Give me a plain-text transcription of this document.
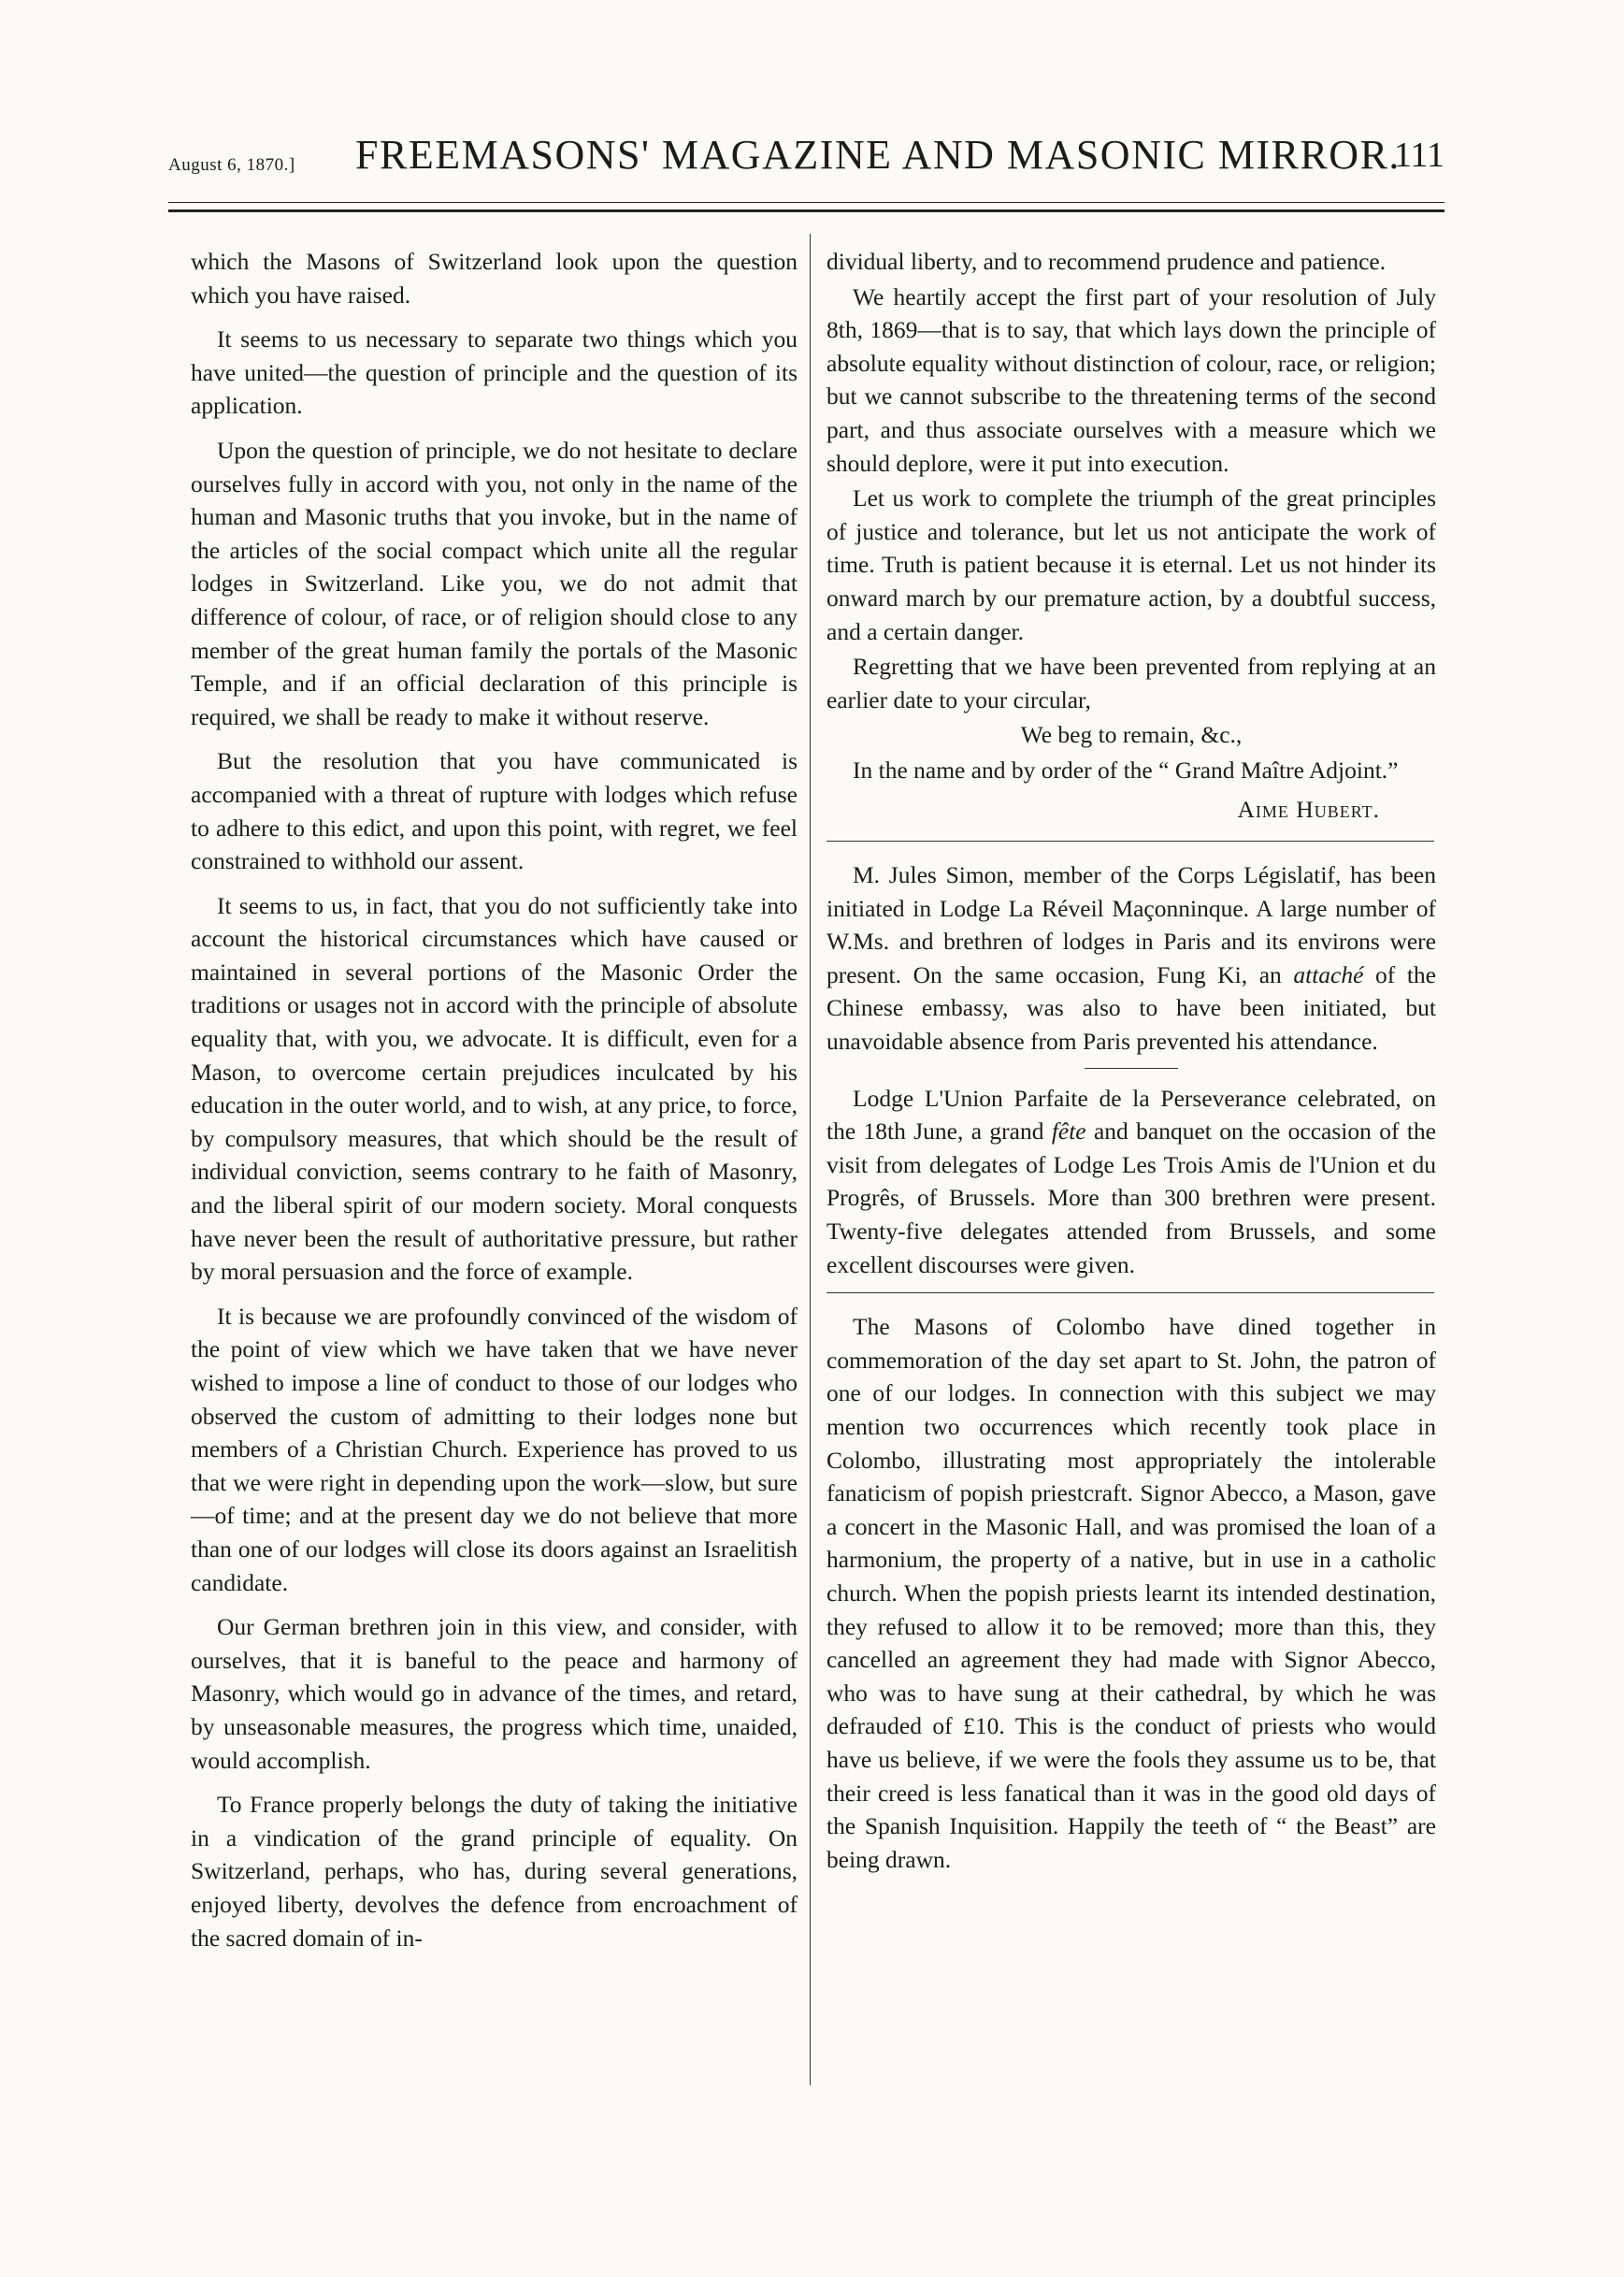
August 6, 1870.] FREEMASONS' MAGAZINE AND MASONIC MIRROR.
111

which the Masons of Switzerland look upon the question which you have raised.

It seems to us necessary to separate two things which you have united—the question of principle and the question of its application.

Upon the question of principle, we do not hesitate to declare ourselves fully in accord with you, not only in the name of the human and Masonic truths that you invoke, but in the name of the articles of the social compact which unite all the regular lodges in Switzerland. Like you, we do not admit that difference of colour, of race, or of religion should close to any member of the great human family the portals of the Masonic Temple, and if an official declaration of this principle is required, we shall be ready to make it without reserve.

But the resolution that you have communicated is accompanied with a threat of rupture with lodges which refuse to adhere to this edict, and upon this point, with regret, we feel constrained to withhold our assent.

It seems to us, in fact, that you do not sufficiently take into account the historical circumstances which have caused or maintained in several portions of the Masonic Order the traditions or usages not in accord with the principle of absolute equality that, with you, we advocate. It is difficult, even for a Mason, to overcome certain prejudices inculcated by his education in the outer world, and to wish, at any price, to force, by compulsory measures, that which should be the result of individual conviction, seems contrary to he faith of Masonry, and the liberal spirit of our modern society. Moral conquests have never been the result of authoritative pressure, but rather by moral persuasion and the force of example.

It is because we are profoundly convinced of the wisdom of the point of view which we have taken that we have never wished to impose a line of conduct to those of our lodges who observed the custom of admitting to their lodges none but members of a Christian Church. Experience has proved to us that we were right in depending upon the work—slow, but sure—of time; and at the present day we do not believe that more than one of our lodges will close its doors against an Israelitish candidate.

Our German brethren join in this view, and consider, with ourselves, that it is baneful to the peace and harmony of Masonry, which would go in advance of the times, and retard, by unseasonable measures, the progress which time, unaided, would accomplish.

To France properly belongs the duty of taking the initiative in a vindication of the grand principle of equality. On Switzerland, perhaps, who has, during several generations, enjoyed liberty, devolves the defence from encroachment of the sacred domain of in-

dividual liberty, and to recommend prudence and patience.

We heartily accept the first part of your resolution of July 8th, 1869—that is to say, that which lays down the principle of absolute equality without distinction of colour, race, or religion; but we cannot subscribe to the threatening terms of the second part, and thus associate ourselves with a measure which we should deplore, were it put into execution.

Let us work to complete the triumph of the great principles of justice and tolerance, but let us not anticipate the work of time. Truth is patient because it is eternal. Let us not hinder its onward march by our premature action, by a doubtful success, and a certain danger.

Regretting that we have been prevented from replying at an earlier date to your circular,

We beg to remain, &c.,

In the name and by order of the “ Grand Maître Adjoint.”

Aime Hubert.

M. Jules Simon, member of the Corps Législatif, has been initiated in Lodge La Réveil Maçonninque. A large number of W.Ms. and brethren of lodges in Paris and its environs were present. On the same occasion, Fung Ki, an attaché of the Chinese embassy, was also to have been initiated, but unavoidable absence from Paris prevented his attendance.

Lodge L'Union Parfaite de la Perseverance celebrated, on the 18th June, a grand fête and banquet on the occasion of the visit from delegates of Lodge Les Trois Amis de l'Union et du Progrês, of Brussels. More than 300 brethren were present. Twenty-five delegates attended from Brussels, and some excellent discourses were given.

The Masons of Colombo have dined together in commemoration of the day set apart to St. John, the patron of one of our lodges. In connection with this subject we may mention two occurrences which recently took place in Colombo, illustrating most appropriately the intolerable fanaticism of popish priestcraft. Signor Abecco, a Mason, gave a concert in the Masonic Hall, and was promised the loan of a harmonium, the property of a native, but in use in a catholic church. When the popish priests learnt its intended destination, they refused to allow it to be removed; more than this, they cancelled an agreement they had made with Signor Abecco, who was to have sung at their cathedral, by which he was defrauded of £10. This is the conduct of priests who would have us believe, if we were the fools they assume us to be, that their creed is less fanatical than it was in the good old days of the Spanish Inquisition. Happily the teeth of “ the Beast” are being drawn.
